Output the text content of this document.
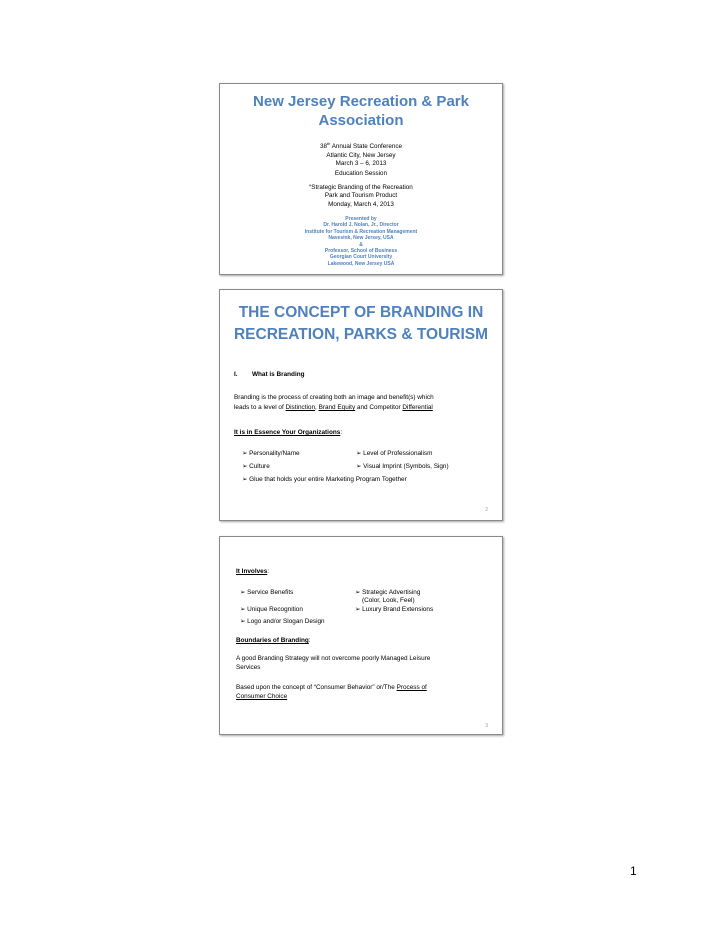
New Jersey Recreation & Park
Association
38th Annual State Conference
Atlantic City, New Jersey
March 3 – 6, 2013
Education Session
“Strategic Branding of the Recreation
Park and Tourism Product
Monday, March 4, 2013
Presented by
Dr. Harold J. Nolan, Jr., Director
Institute for Tourism & Recreation Management
Navesink, New Jersey, USA
&
Professor, School of Business
Georgian Court University
Lakewood, New Jersey USA
THE CONCEPT OF BRANDING IN
RECREATION, PARKS & TOURISM
I. What is Branding
Branding is the process of creating both an image and benefit(s) which
leads to a level of Distinction, Brand Equity and Competitor Differential
It is in Essence Your Organizations:
➢ Personality/Name
➢ Culture
➢ Level of Professionalism
➢ Visual Imprint (Symbols, Sign)
➢ Glue that holds your entire Marketing Program Together
2
It Involves:
➢ Service Benefits
➢ Unique Recognition
➢ Logo and/or Slogan Design
➢ Strategic Advertising
(Color, Look, Feel)
➢ Luxury Brand Extensions
Boundaries of Branding:
A good Branding Strategy will not overcome poorly Managed Leisure
Services
Based upon the concept of “Consumer Behavior” or/The Process of
Consumer Choice
3
1
